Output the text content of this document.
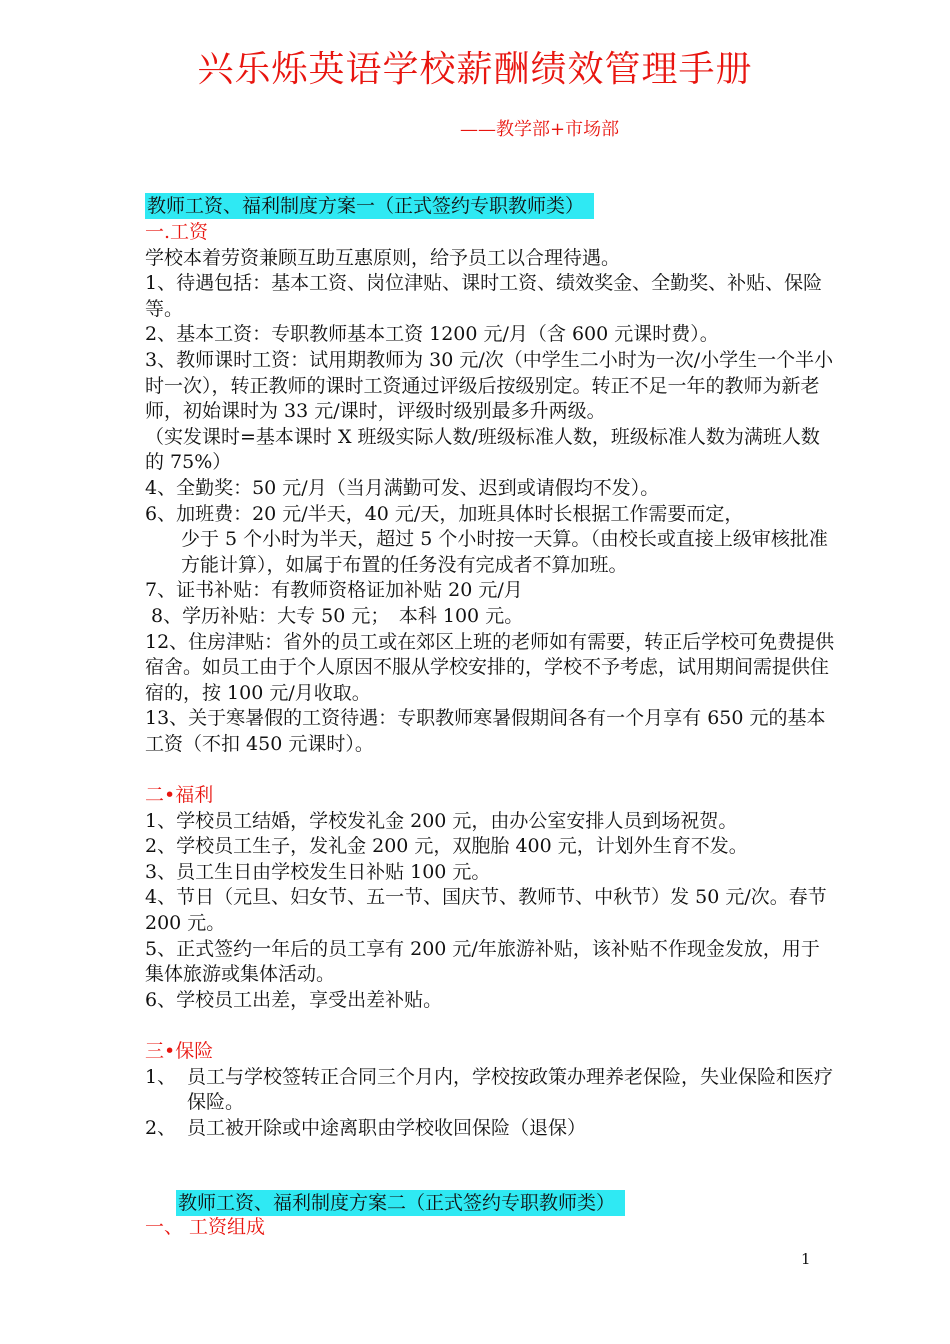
兴乐烁英语学校薪酬绩效管理手册
——教学部+市场部
教师工资、福利制度方案一（正式签约专职教师类）

一.工资

学校本着劳资兼顾互助互惠原则，给予员工以合理待遇。

1、待遇包括：基本工资、岗位津贴、课时工资、绩效奖金、全勤奖、补贴、保险等。

2、基本工资：专职教师基本工资 1200 元/月（含 600 元课时费）。

3、教师课时工资：试用期教师为 30 元/次（中学生二小时为一次/小学生一个半小时一次），转正教师的课时工资通过评级后按级别定。转正不足一年的教师为新老师，初始课时为 33 元/课时，评级时级别最多升两级。

（实发课时=基本课时 X 班级实际人数/班级标准人数，班级标准人数为满班人数的 75%）

4、全勤奖：50 元/月（当月满勤可发、迟到或请假均不发）。

6、加班费：20 元/半天，40 元/天，加班具体时长根据工作需要而定，

少于 5 个小时为半天，超过 5 个小时按一天算。（由校长或直接上级审核批准方能计算），如属于布置的任务没有完成者不算加班。

7、证书补贴：有教师资格证加补贴 20 元/月

8、学历补贴：大专 50 元；　本科 100 元。

12、住房津贴：省外的员工或在郊区上班的老师如有需要，转正后学校可免费提供宿舍。如员工由于个人原因不服从学校安排的，学校不予考虑，试用期间需提供住宿的，按 100 元/月收取。

13、关于寒暑假的工资待遇：专职教师寒暑假期间各有一个月享有 650 元的基本工资（不扣 450 元课时）。

二•福利

1、学校员工结婚，学校发礼金 200 元，由办公室安排人员到场祝贺。

2、学校员工生子，发礼金 200 元，双胞胎 400 元，计划外生育不发。

3、员工生日由学校发生日补贴 100 元。

4、节日（元旦、妇女节、五一节、国庆节、教师节、中秋节）发 50 元/次。春节 200 元。

5、正式签约一年后的员工享有 200 元/年旅游补贴，该补贴不作现金发放，用于集体旅游或集体活动。

6、学校员工出差，享受出差补贴。

三•保险

1、 员工与学校签转正合同三个月内，学校按政策办理养老保险，失业保险和医疗保险。
2、 员工被开除或中途离职由学校收回保险（退保）
教师工资、福利制度方案二（正式签约专职教师类）
一、 工资组成
1
